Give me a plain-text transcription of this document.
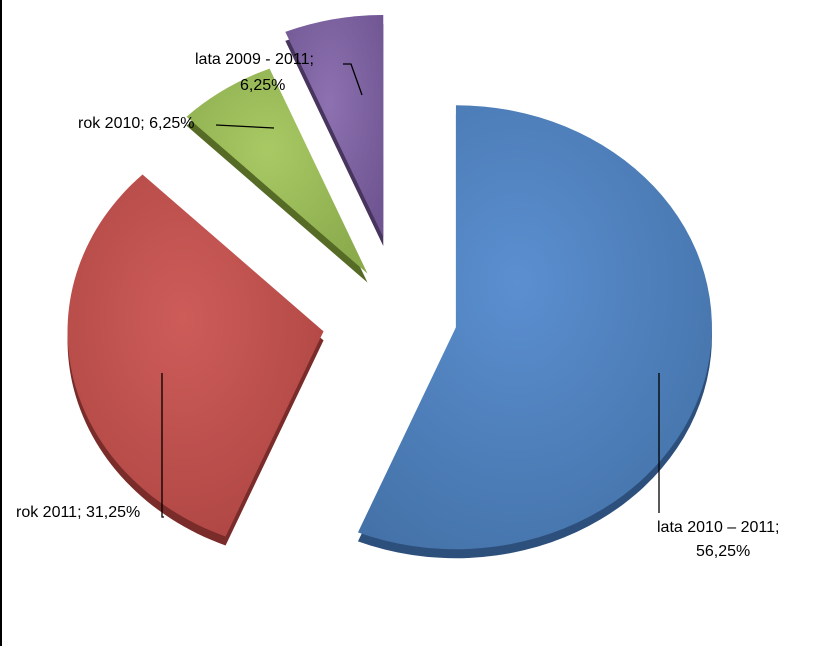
lata 2010 – 2011;
56,25%
rok 2011; 31,25%
rok 2010; 6,25%
lata 2009 - 2011;
6,25%
